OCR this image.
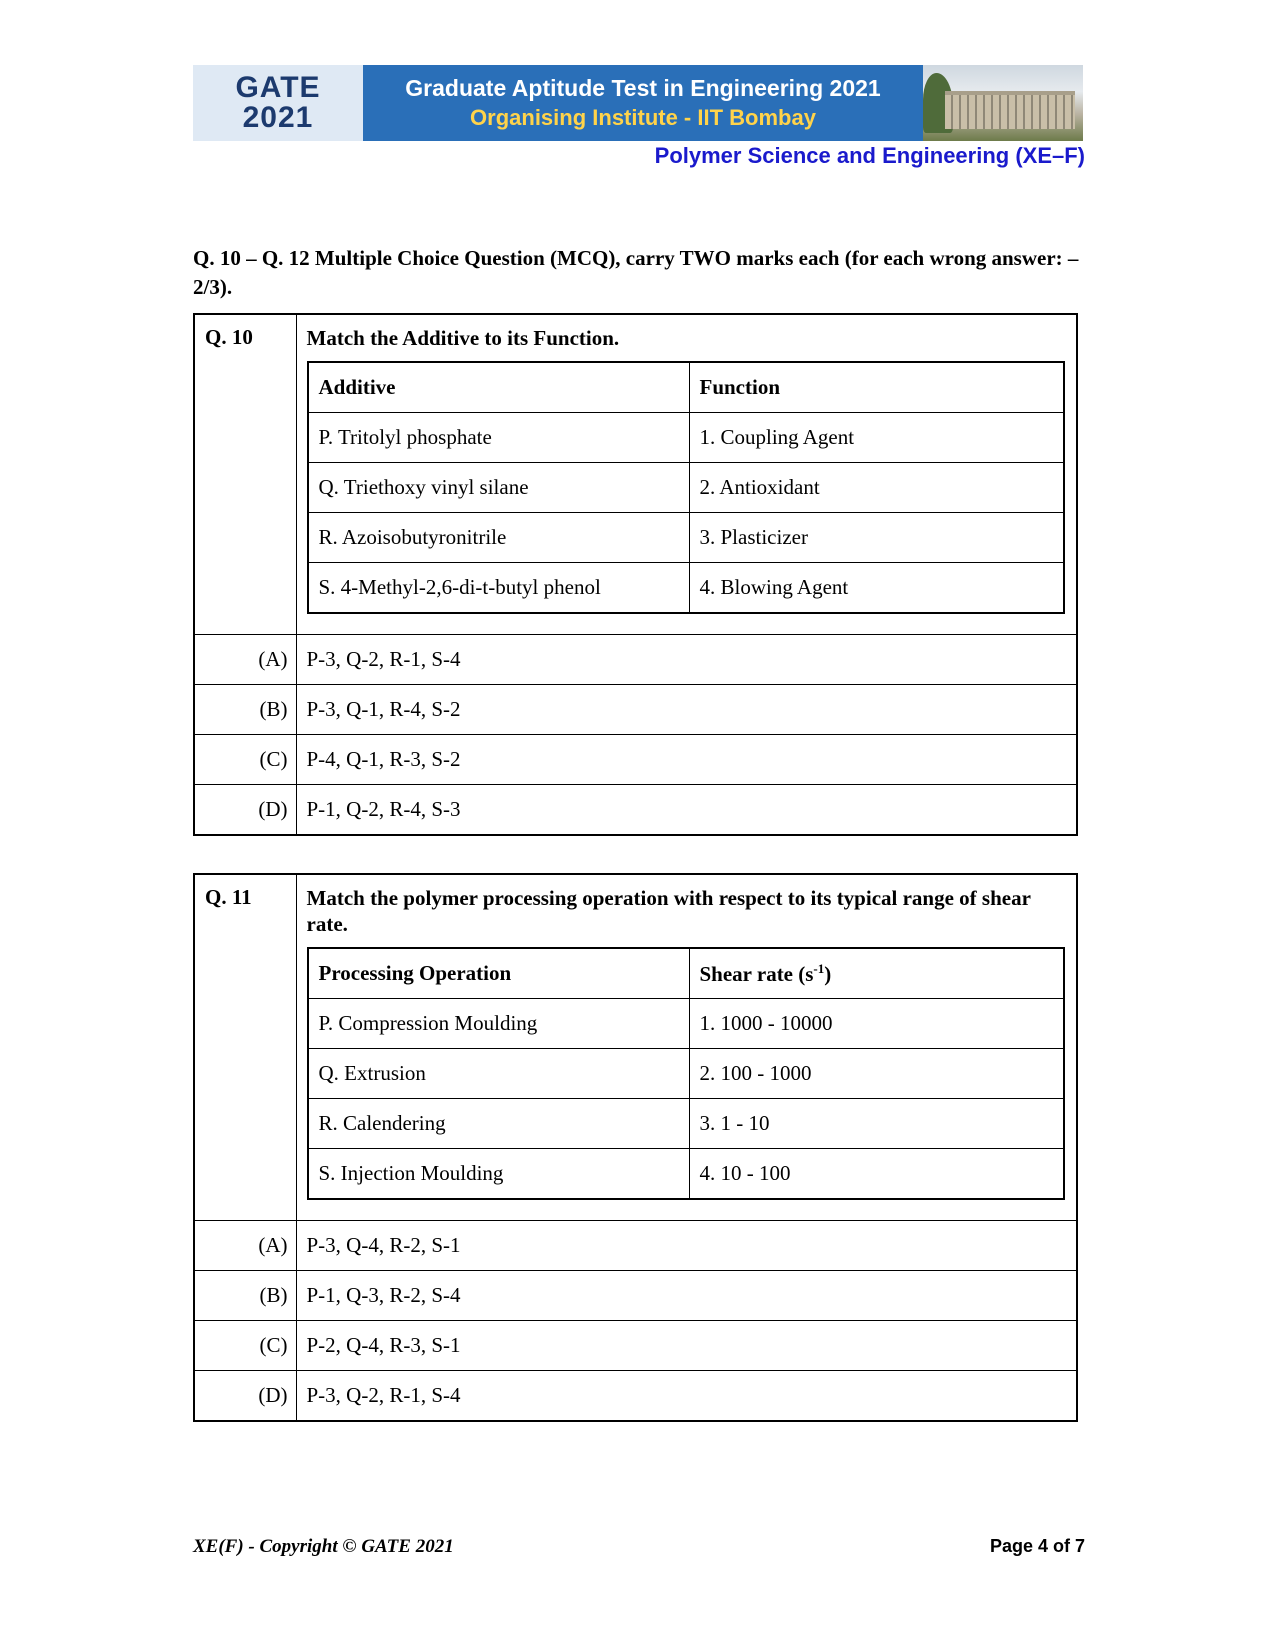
GATE
2021
Graduate Aptitude Test in Engineering 2021
Organising Institute - IIT Bombay
Polymer Science and Engineering (XE–F)
Q. 10 – Q. 12 Multiple Choice Question (MCQ), carry TWO marks each (for each wrong answer: – 2/3).
Q. 10	Match the Additive to its Function.
Additive	Function
P. Tritolyl phosphate	1. Coupling Agent
Q. Triethoxy vinyl silane	2. Antioxidant
R. Azoisobutyronitrile	3. Plasticizer
S. 4-Methyl-2,6-di-t-butyl phenol	4. Blowing Agent

(A)	P-3, Q-2, R-1, S-4
(B)	P-3, Q-1, R-4, S-2
(C)	P-4, Q-1, R-3, S-2
(D)	P-1, Q-2, R-4, S-3
Q. 11	Match the polymer processing operation with respect to its typical range of shear rate.
Processing Operation	Shear rate $(s^{-1})$
P. Compression Moulding	1. 1000 - 10000
Q. Extrusion	2. 100 - 1000
R. Calendering	3. 1 - 10
S. Injection Moulding	4. 10 - 100

(A)	P-3, Q-4, R-2, S-1
(B)	P-1, Q-3, R-2, S-4
(C)	P-2, Q-4, R-3, S-1
(D)	P-3, Q-2, R-1, S-4
XE(F) - Copyright © GATE 2021	Page 4 of 7
